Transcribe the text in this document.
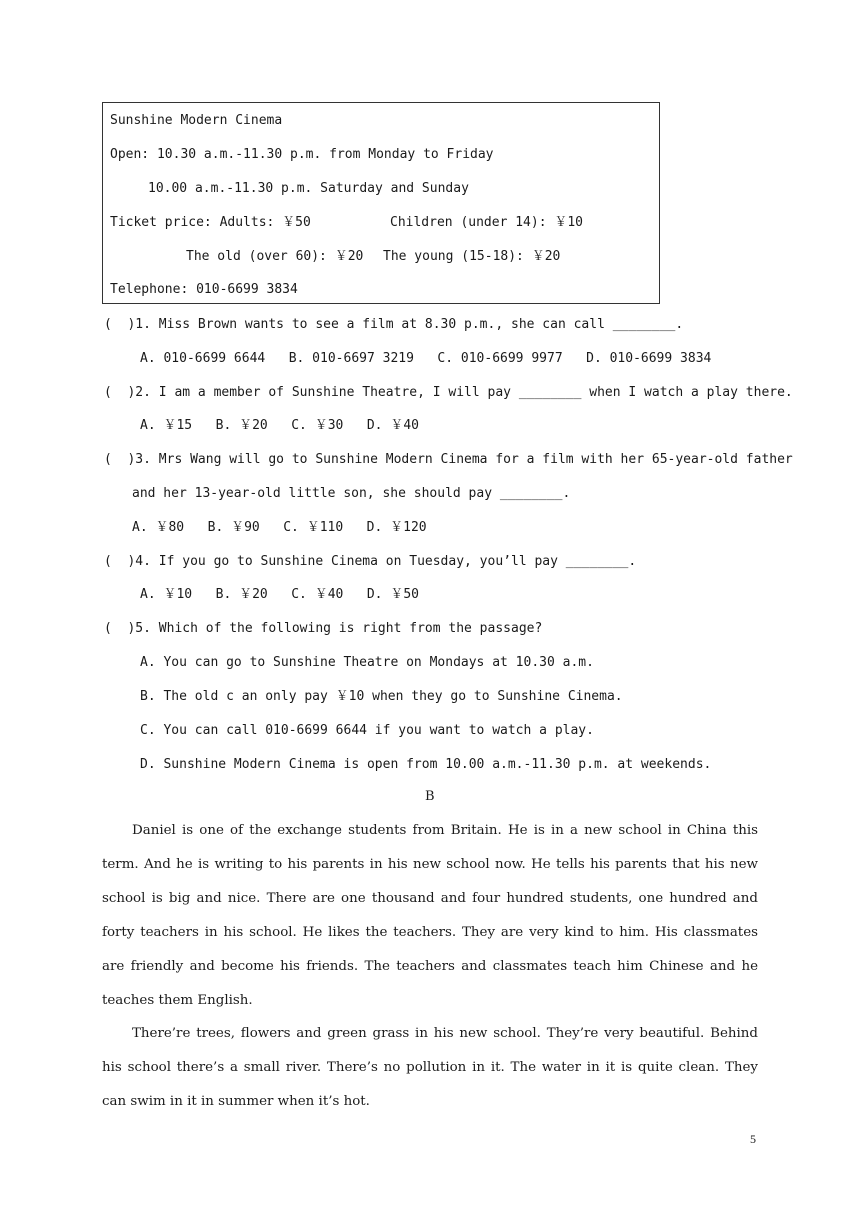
Sunshine Modern Cinema
Open: 10.30 a.m.-11.30 p.m. from Monday to Friday
10.00 a.m.-11.30 p.m. Saturday and Sunday
Ticket price: Adults: ￥50	Children (under 14): ￥10
The old (over 60): ￥20 The young (15-18): ￥20
Telephone: 010-6699 3834
(  )1. Miss Brown wants to see a film at 8.30 p.m., she can call ________.
A. 010-6699 6644   B. 010-6697 3219   C. 010-6699 9977   D. 010-6699 3834
(  )2. I am a member of Sunshine Theatre, I will pay ________ when I watch a play there.
A. ￥15   B. ￥20   C. ￥30   D. ￥40
(  )3. Mrs Wang will go to Sunshine Modern Cinema for a film with her 65-year-old father
and her 13-year-old little son, she should pay ________.
A. ￥80   B. ￥90   C. ￥110   D. ￥120
(  )4. If you go to Sunshine Cinema on Tuesday, you’ll pay ________.
A. ￥10   B. ￥20   C. ￥40   D. ￥50
(  )5. Which of the following is right from the passage?
A. You can go to Sunshine Theatre on Mondays at 10.30 a.m.
B. The old c an only pay ￥10 when they go to Sunshine Cinema.
C. You can call 010-6699 6644 if you want to watch a play.
D. Sunshine Modern Cinema is open from 10.00 a.m.-11.30 p.m. at weekends.
B

Daniel is one of the exchange students from Britain. He is in a new school in China this term. And he is writing to his parents in his new school now. He tells his parents that his new school is big and nice. There are one thousand and four hundred students, one hundred and forty teachers in his school. He likes the teachers. They are very kind to him. His classmates are friendly and become his friends. The teachers and classmates teach him Chinese and he teaches them English.

There’re trees, flowers and green grass in his new school. They’re very beautiful. Behind his school there’s a small river. There’s no pollution in it. The water in it is quite clean. They can swim in it in summer when it’s hot.

5
